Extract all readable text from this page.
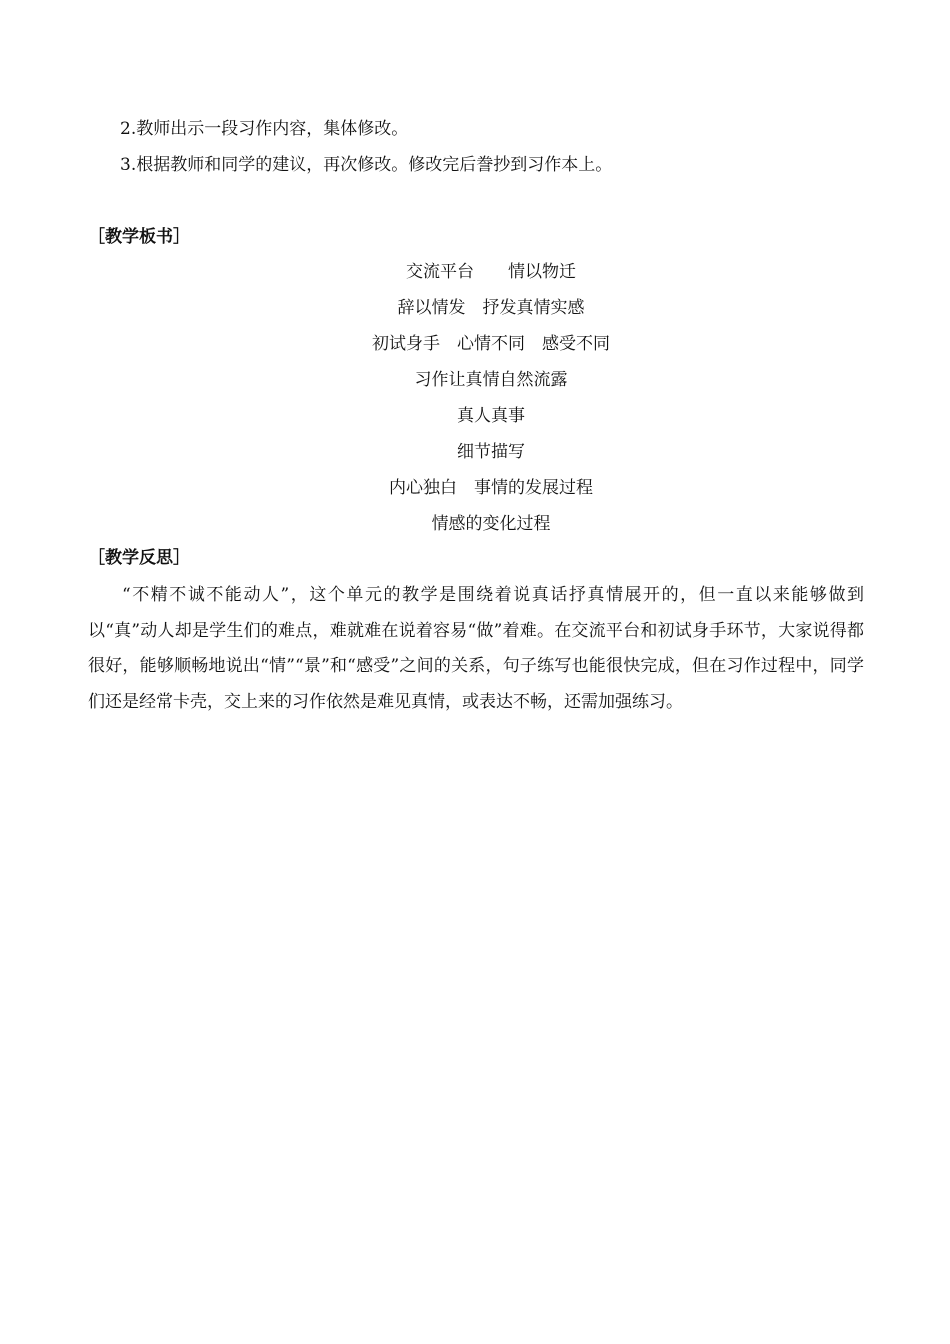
2.教师出示一段习作内容，集体修改。
3.根据教师和同学的建议，再次修改。修改完后誊抄到习作本上。
［教学板书］
交流平台　　情以物迁
辞以情发　抒发真情实感
初试身手　心情不同　感受不同
习作让真情自然流露
真人真事
细节描写
内心独白　事情的发展过程
情感的变化过程
［教学反思］

“不精不诚不能动人”，这个单元的教学是围绕着说真话抒真情展开的，但一直以来能够做到以“真”动人却是学生们的难点，难就难在说着容易“做”着难。在交流平台和初试身手环节，大家说得都很好，能够顺畅地说出“情”“景”和“感受”之间的关系，句子练写也能很快完成，但在习作过程中，同学们还是经常卡壳，交上来的习作依然是难见真情，或表达不畅，还需加强练习。
